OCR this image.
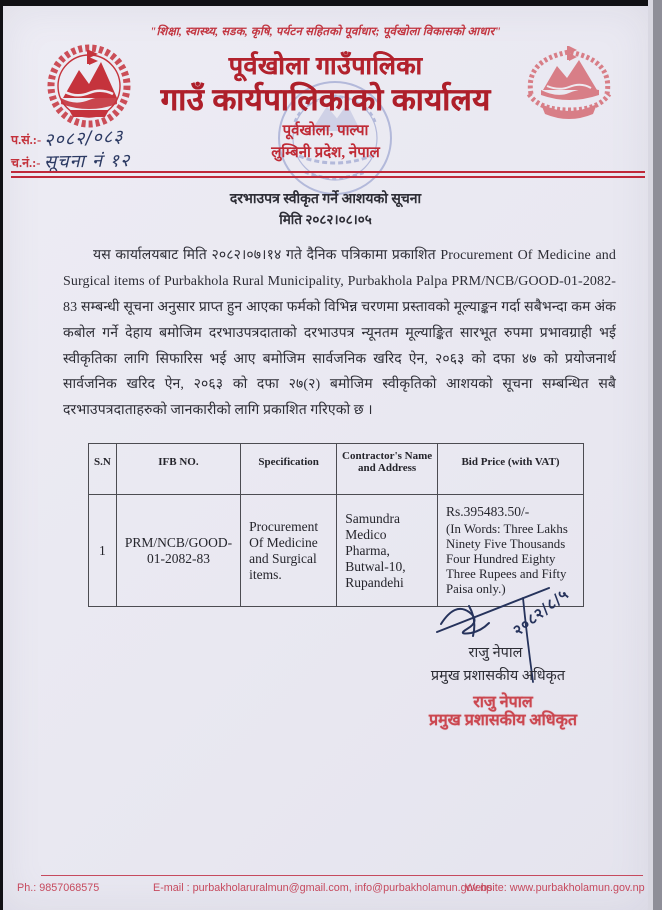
"शिक्षा, स्वास्थ्य, सडक, कृषि, पर्यटन सहितको पूर्वाधार; पूर्वखोला विकासको आधार"
पूर्वखोला गाउँपालिका
गाउँ कार्यपालिकाको कार्यालय
पूर्वखोला, पाल्पा
लुम्बिनी प्रदेश, नेपाल
प.सं.:- २०८२/०८३
च.नं.:- सूचना नं १२
दरभाउपत्र स्वीकृत गर्ने आशयको सूचना
मिति २०८२।०८।०५
यस कार्यालयबाट मिति २०८२।०७।१४ गते दैनिक पत्रिकामा प्रकाशित Procurement Of Medicine and Surgical items of Purbakhola Rural Municipality, Purbakhola Palpa PRM/NCB/GOOD-01-2082-83 सम्बन्धी सूचना अनुसार प्राप्त हुन आएका फर्मको विभिन्न चरणमा प्रस्तावको मूल्याङ्कन गर्दा सबैभन्दा कम अंक कबोल गर्ने देहाय बमोजिम दरभाउपत्रदाताको दरभाउपत्र न्यूनतम मूल्याङ्कित सारभूत रुपमा प्रभावग्राही भई स्वीकृतिका लागि सिफारिस भई आए बमोजिम सार्वजनिक खरिद ऐन, २०६३ को दफा ४७ को प्रयोजनार्थ सार्वजनिक खरिद ऐन, २०६३ को दफा २७(२) बमोजिम स्वीकृतिको आशयको सूचना सम्बन्धित सबै दरभाउपत्रदाताहरुको जानकारीको लागि प्रकाशित गरिएको छ ।
S.N	IFB NO.	Specification	Contractor's Name and Address	Bid Price (with VAT)
1	PRM/NCB/GOOD-01-2082-83	Procurement Of Medicine and Surgical items.	Samundra Medico Pharma, Butwal-10, Rupandehi	Rs.395483.50/-
(In Words: Three Lakhs Ninety Five Thousands Four Hundred Eighty Three Rupees and Fifty Paisa only.) २०८२/८/५
राजु नेपाल
प्रमुख प्रशासकीय अधिकृत
राजु नेपाल
प्रमुख प्रशासकीय अधिकृत
Ph.: 9857068575	E-mail : purbakholaruralmun@gmail.com, info@purbakholamun.gov.np
Website: www.purbakholamun.gov.np
